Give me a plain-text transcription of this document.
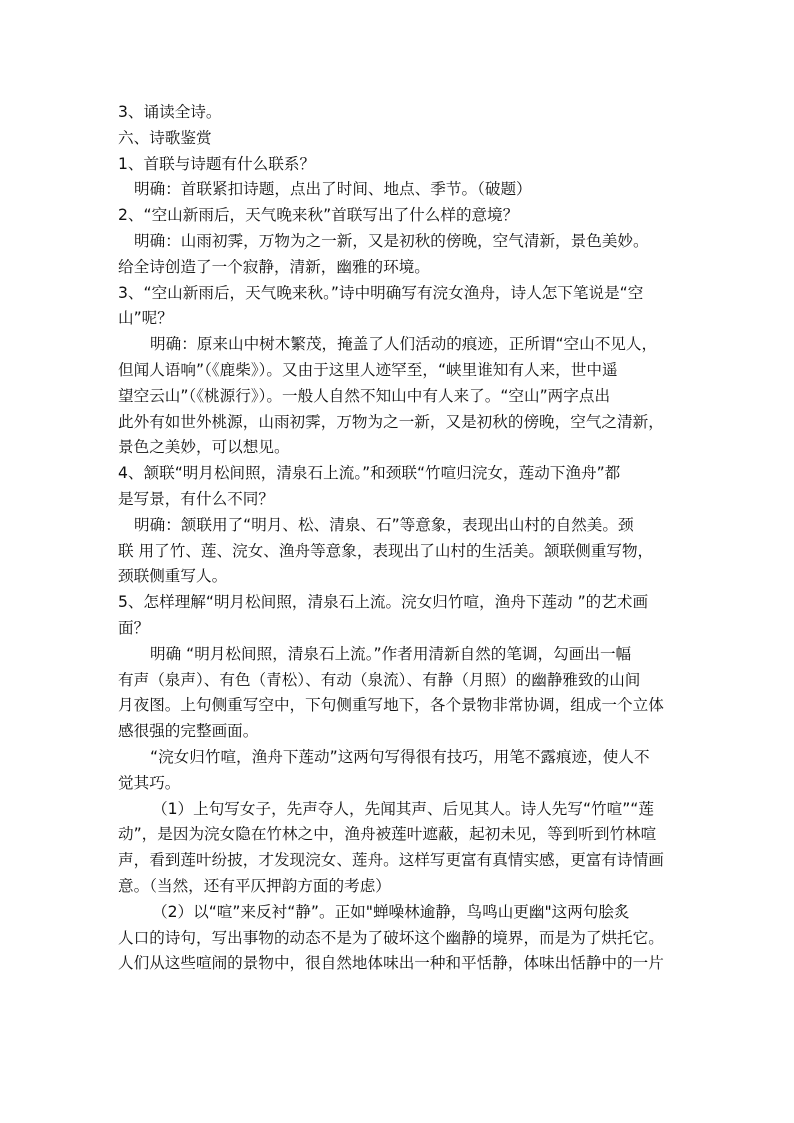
3、诵读全诗。
六、诗歌鉴赏
1、首联与诗题有什么联系？
明确：首联紧扣诗题，点出了时间、地点、季节。（破题）
2、“空山新雨后，天气晚来秋”首联写出了什么样的意境？
明确：山雨初霁，万物为之一新，又是初秋的傍晚，空气清新，景色美妙。
给全诗创造了一个寂静，清新，幽雅的环境。
3、“空山新雨后，天气晚来秋。”诗中明确写有浣女渔舟，诗人怎下笔说是“空
山”呢？
明确：原来山中树木繁茂，掩盖了人们活动的痕迹，正所谓“空山不见人，
但闻人语响”（《鹿柴》）。又由于这里人迹罕至，“峡里谁知有人来，世中遥
望空云山”（《桃源行》）。一般人自然不知山中有人来了。“空山”两字点出
此外有如世外桃源，山雨初霁，万物为之一新，又是初秋的傍晚，空气之清新，
景色之美妙，可以想见。
4、颔联“明月松间照，清泉石上流。”和颈联“竹喧归浣女，莲动下渔舟”都
是写景，有什么不同？
明确：颔联用了“明月、松、清泉、石”等意象，表现出山村的自然美。颈
联 用了竹、莲、浣女、渔舟等意象，表现出了山村的生活美。颔联侧重写物，
颈联侧重写人。
5、怎样理解“明月松间照，清泉石上流。浣女归竹喧，渔舟下莲动 ”的艺术画
面？
明确 “明月松间照，清泉石上流。”作者用清新自然的笔调，勾画出一幅
有声（泉声）、有色（青松）、有动（泉流）、有静（月照）的幽静雅致的山间
月夜图。上句侧重写空中，下句侧重写地下，各个景物非常协调，组成一个立体
感很强的完整画面。
“浣女归竹喧，渔舟下莲动”这两句写得很有技巧，用笔不露痕迹，使人不
觉其巧。
（1）上句写女子，先声夺人，先闻其声、后见其人。诗人先写“竹喧”“莲
动”，是因为浣女隐在竹林之中，渔舟被莲叶遮蔽，起初未见，等到听到竹林喧
声，看到莲叶纷披，才发现浣女、莲舟。这样写更富有真情实感，更富有诗情画
意。（当然，还有平仄押韵方面的考虑）
（2）以“喧”来反衬“静”。正如"蝉噪林逾静，鸟鸣山更幽"这两句脍炙
人口的诗句，写出事物的动态不是为了破坏这个幽静的境界，而是为了烘托它。
人们从这些喧闹的景物中，很自然地体味出一种和平恬静，体味出恬静中的一片
